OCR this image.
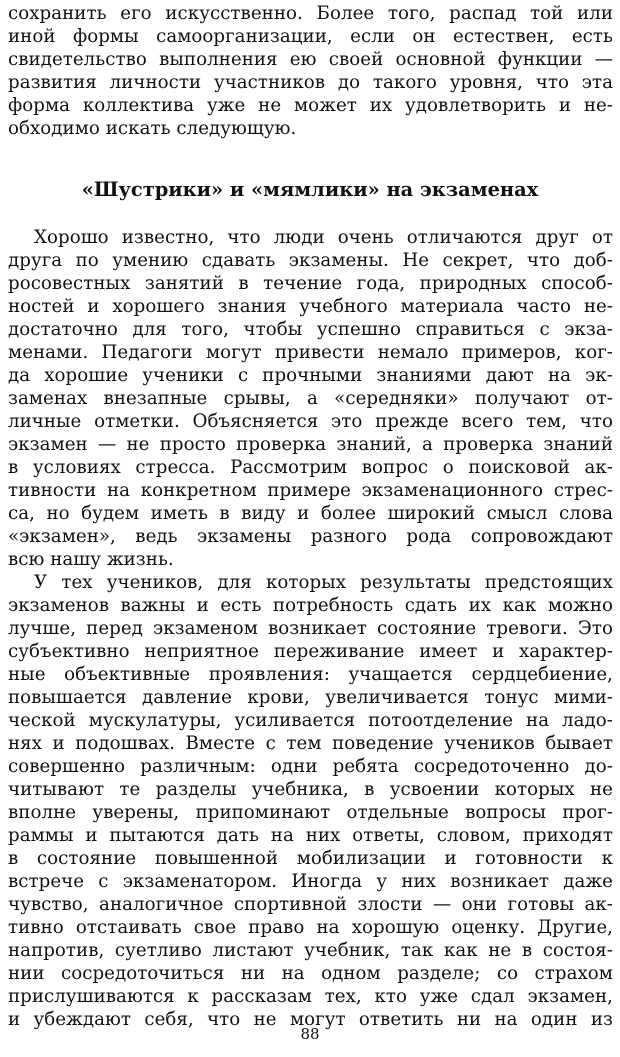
сохранить его искусственно. Более того, распад той или
иной формы самоорганизации, если он естествен, есть
свидетельство выполнения ею своей основной функции —
развития личности участников до такого уровня, что эта
форма коллектива уже не может их удовлетворить и не-
обходимо искать следующую.
«Шустрики» и «мямлики» на экзаменах
Хорошо известно, что люди очень отличаются друг от
друга по умению сдавать экзамены. Не секрет, что доб-
росовестных занятий в течение года, природных способ-
ностей и хорошего знания учебного материала часто не-
достаточно для того, чтобы успешно справиться с экза-
менами. Педагоги могут привести немало примеров, ког-
да хорошие ученики с прочными знаниями дают на эк-
заменах внезапные срывы, а «середняки» получают от-
личные отметки. Объясняется это прежде всего тем, что
экзамен — не просто проверка знаний, а проверка знаний
в условиях стресса. Рассмотрим вопрос о поисковой ак-
тивности на конкретном примере экзаменационного стрес-
са, но будем иметь в виду и более широкий смысл слова
«экзамен», ведь экзамены разного рода сопровождают
всю нашу жизнь.
У тех учеников, для которых результаты предстоящих
экзаменов важны и есть потребность сдать их как можно
лучше, перед экзаменом возникает состояние тревоги. Это
субъективно неприятное переживание имеет и характер-
ные объективные проявления: учащается сердцебиение,
повышается давление крови, увеличивается тонус мими-
ческой мускулатуры, усиливается потоотделение на ладо-
нях и подошвах. Вместе с тем поведение учеников бывает
совершенно различным: одни ребята сосредоточенно до-
читывают те разделы учебника, в усвоении которых не
вполне уверены, припоминают отдельные вопросы прог-
раммы и пытаются дать на них ответы, словом, приходят
в состояние повышенной мобилизации и готовности к
встрече с экзаменатором. Иногда у них возникает даже
чувство, аналогичное спортивной злости — они готовы ак-
тивно отстаивать свое право на хорошую оценку. Другие,
напротив, суетливо листают учебник, так как не в состоя-
нии сосредоточиться ни на одном разделе; со страхом
прислушиваются к рассказам тех, кто уже сдал экзамен,
и убеждают себя, что не могут ответить ни на один из
88
